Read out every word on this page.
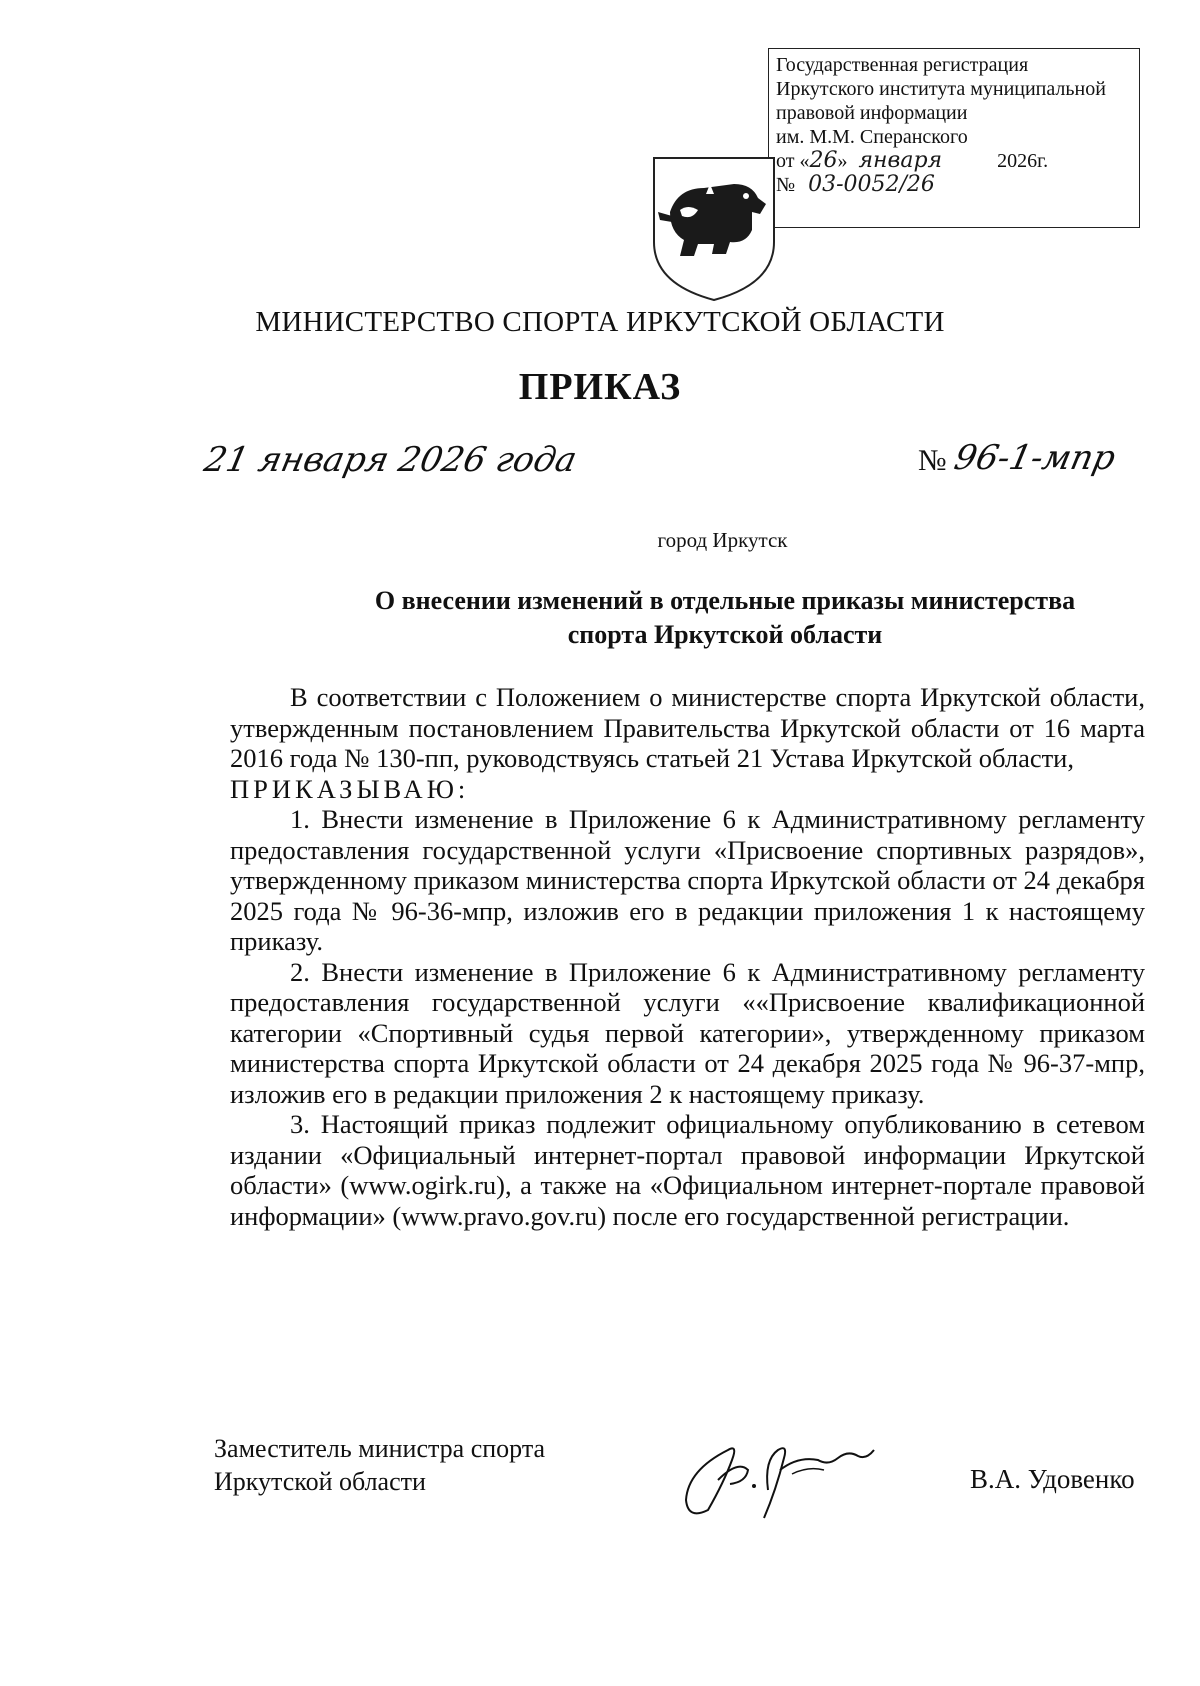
Государственная регистрация
Иркутского института муниципальной
правовой информации
им. М.М. Сперанского
от «26» января	2026г.
№ 03-0052/26
МИНИСТЕРСТВО СПОРТА ИРКУТСКОЙ ОБЛАСТИ
ПРИКАЗ
21 января 2026 года	№ 96-1-мпр
город Иркутск
О внесении изменений в отдельные приказы министерства
спорта Иркутской области

В соответствии с Положением о министерстве спорта Иркутской области, утвержденным постановлением Правительства Иркутской области от 16 марта 2016 года № 130-пп, руководствуясь статьей 21 Устава Иркутской области,

ПРИКАЗЫВАЮ:

1. Внести изменение в Приложение 6 к Административному регламенту предоставления государственной услуги «Присвоение спортивных разрядов», утвержденному приказом министерства спорта Иркутской области от 24 декабря 2025 года № 96-36-мпр, изложив его в редакции приложения 1 к настоящему приказу.

2. Внести изменение в Приложение 6 к Административному регламенту предоставления государственной услуги ««Присвоение квалификационной категории «Спортивный судья первой категории», утвержденному приказом министерства спорта Иркутской области от 24 декабря 2025 года № 96-37-мпр, изложив его в редакции приложения 2 к настоящему приказу.

3. Настоящий приказ подлежит официальному опубликованию в сетевом издании «Официальный интернет-портал правовой информации Иркутской области» (www.ogirk.ru), а также на «Официальном интернет-портале правовой информации» (www.pravo.gov.ru) после его государственной регистрации.

Заместитель министра спорта
Иркутской области	В.А. Удовенко
